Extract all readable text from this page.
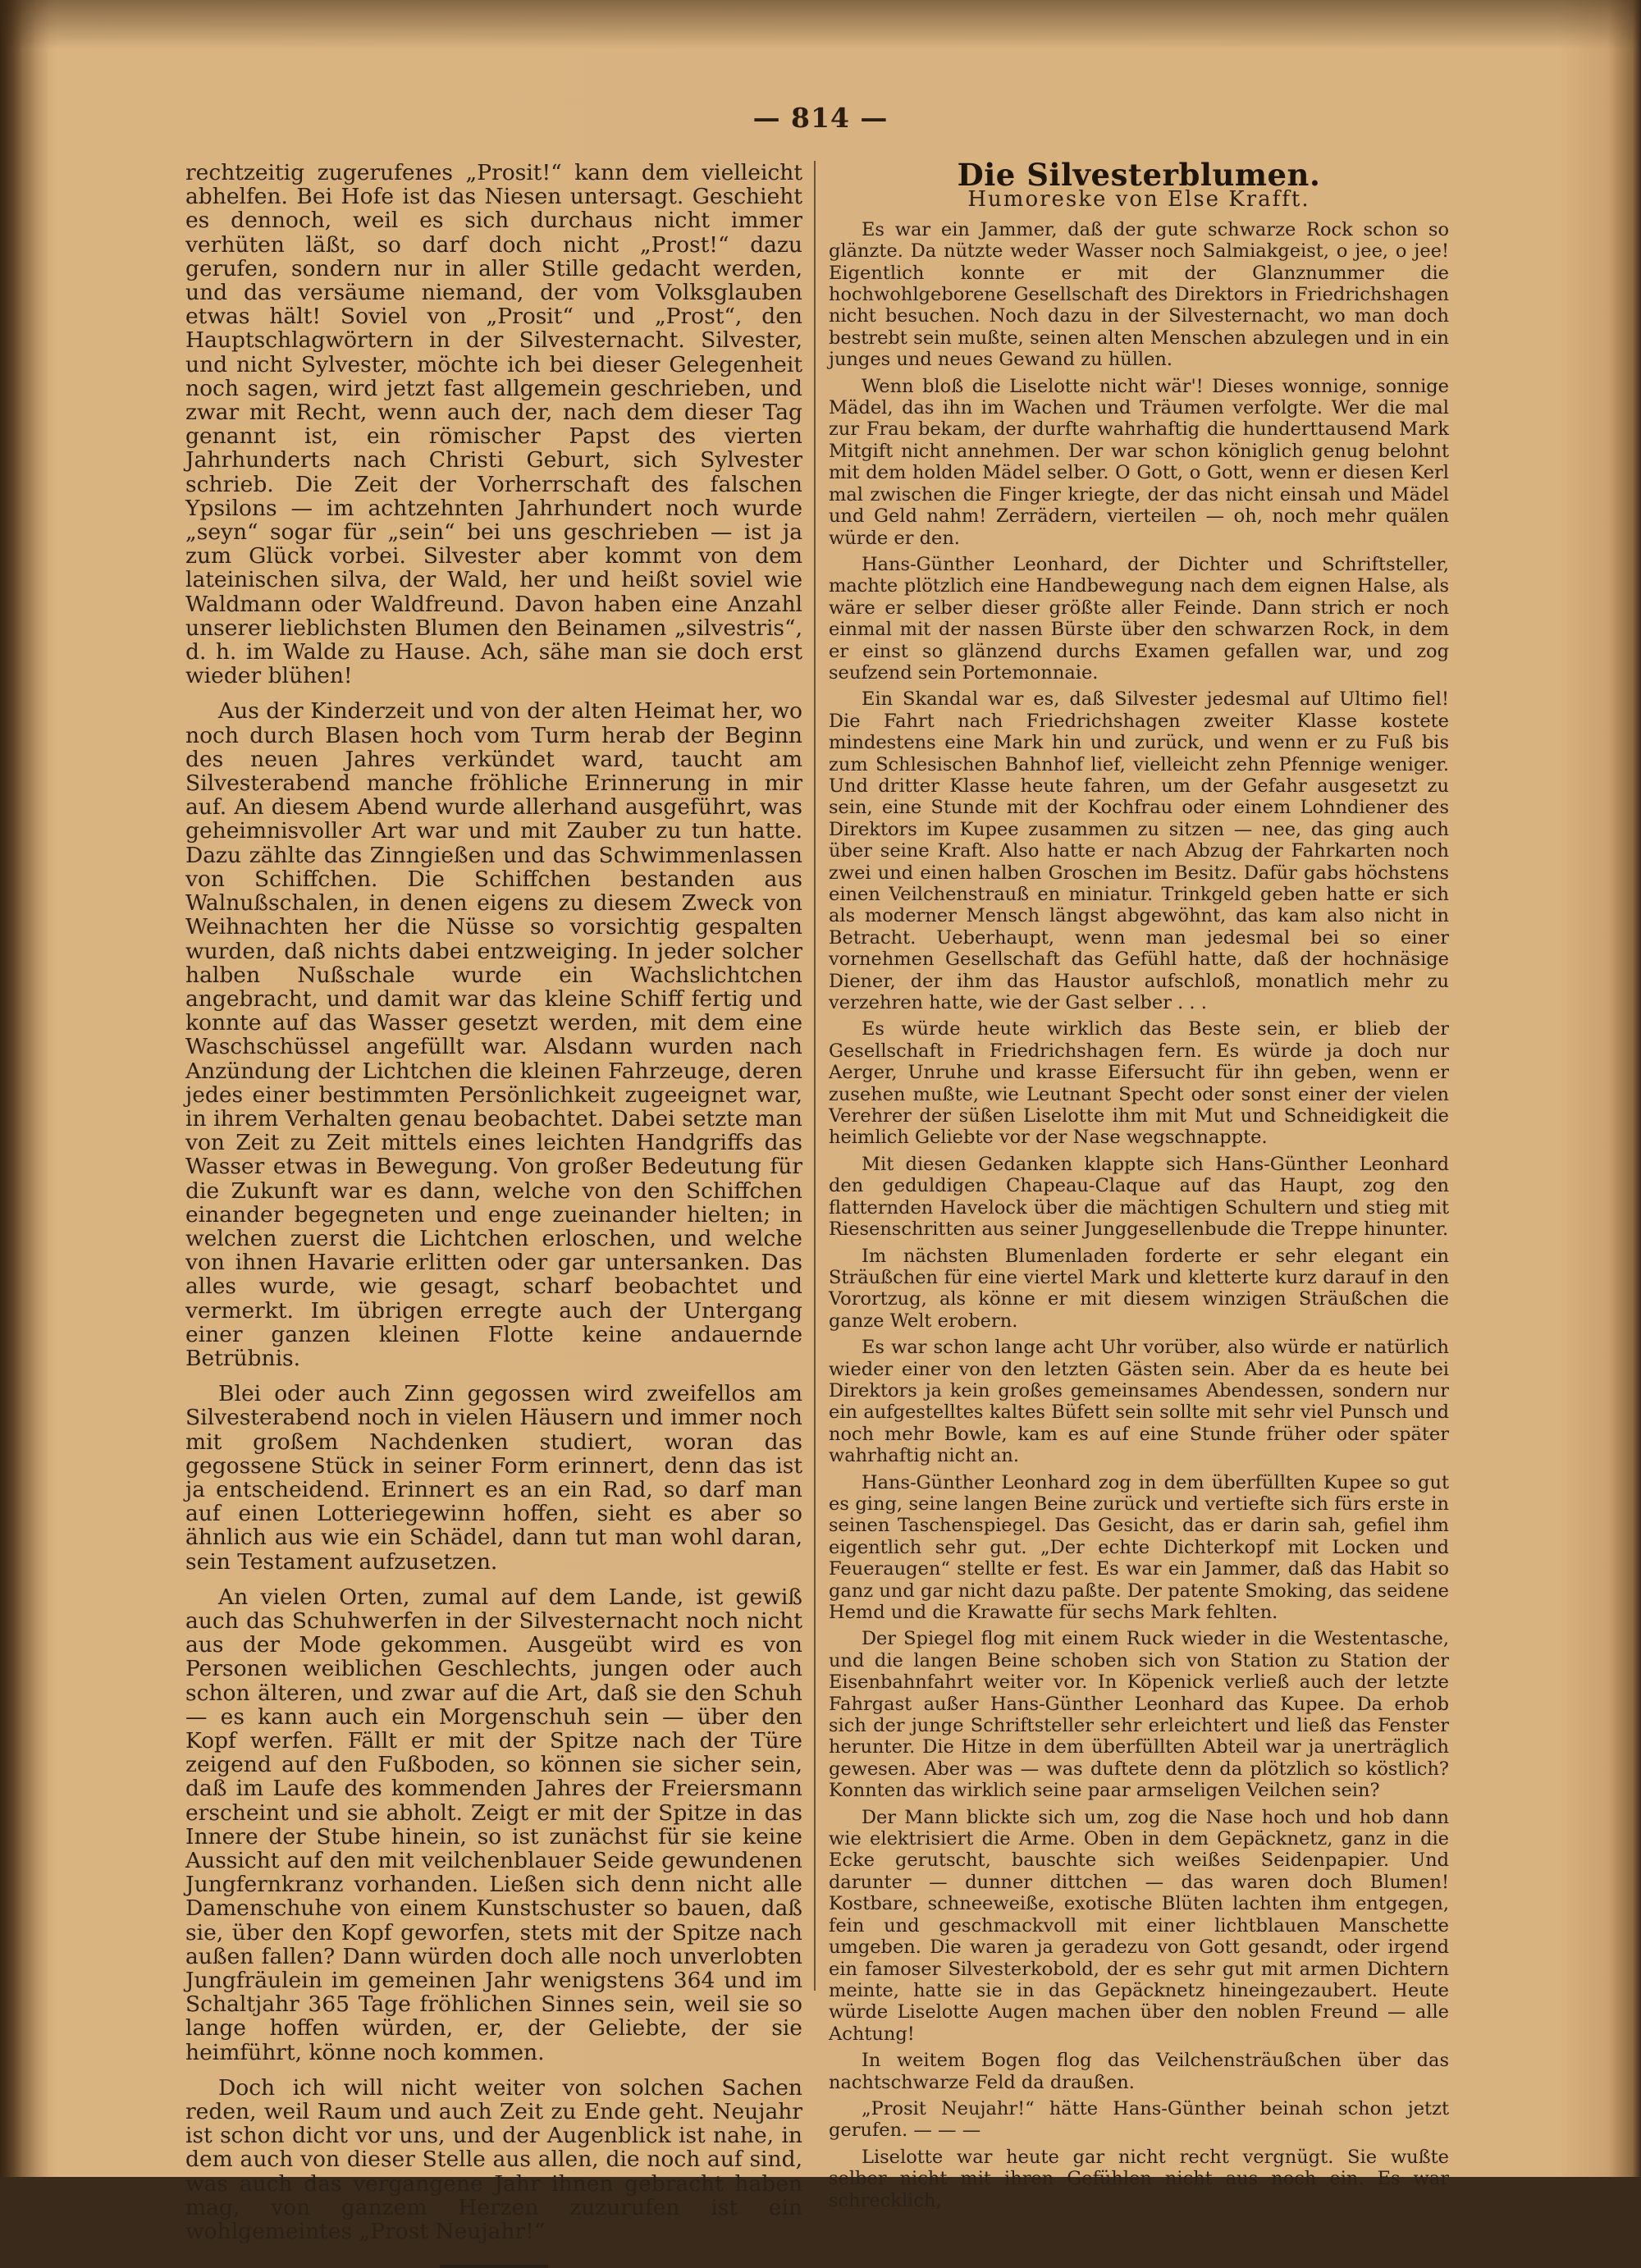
— 814 —

rechtzeitig zugerufenes „Prosit!“ kann dem vielleicht abhelfen. Bei Hofe ist das Niesen untersagt. Geschieht es dennoch, weil es sich durchaus nicht immer verhüten läßt, so darf doch nicht „Prost!“ dazu gerufen, sondern nur in aller Stille gedacht werden, und das versäume niemand, der vom Volksglauben etwas hält! Soviel von „Prosit“ und „Prost“, den Hauptschlagwörtern in der Silvesternacht. Silvester, und nicht Sylvester, möchte ich bei dieser Gelegenheit noch sagen, wird jetzt fast allgemein geschrieben, und zwar mit Recht, wenn auch der, nach dem dieser Tag genannt ist, ein römischer Papst des vierten Jahrhunderts nach Christi Geburt, sich Sylvester schrieb. Die Zeit der Vorherrschaft des falschen Ypsilons — im achtzehnten Jahrhundert noch wurde „seyn“ sogar für „sein“ bei uns geschrieben — ist ja zum Glück vorbei. Silvester aber kommt von dem lateinischen silva, der Wald, her und heißt soviel wie Waldmann oder Waldfreund. Davon haben eine Anzahl unserer lieblichsten Blumen den Beinamen „silvestris“, d. h. im Walde zu Hause. Ach, sähe man sie doch erst wieder blühen!

Aus der Kinderzeit und von der alten Heimat her, wo noch durch Blasen hoch vom Turm herab der Beginn des neuen Jahres verkündet ward, taucht am Silvesterabend manche fröhliche Erinnerung in mir auf. An diesem Abend wurde allerhand ausgeführt, was geheimnisvoller Art war und mit Zauber zu tun hatte. Dazu zählte das Zinngießen und das Schwimmenlassen von Schiffchen. Die Schiffchen bestanden aus Walnußschalen, in denen eigens zu diesem Zweck von Weihnachten her die Nüsse so vorsichtig gespalten wurden, daß nichts dabei entzweiging. In jeder solcher halben Nußschale wurde ein Wachslichtchen angebracht, und damit war das kleine Schiff fertig und konnte auf das Wasser gesetzt werden, mit dem eine Waschschüssel angefüllt war. Alsdann wurden nach Anzündung der Lichtchen die kleinen Fahrzeuge, deren jedes einer bestimmten Persönlichkeit zugeeignet war, in ihrem Verhalten genau beobachtet. Dabei setzte man von Zeit zu Zeit mittels eines leichten Handgriffs das Wasser etwas in Bewegung. Von großer Bedeutung für die Zukunft war es dann, welche von den Schiffchen einander begegneten und enge zueinander hielten; in welchen zuerst die Lichtchen erloschen, und welche von ihnen Havarie erlitten oder gar untersanken. Das alles wurde, wie gesagt, scharf beobachtet und vermerkt. Im übrigen erregte auch der Untergang einer ganzen kleinen Flotte keine andauernde Betrübnis.

Blei oder auch Zinn gegossen wird zweifellos am Silvesterabend noch in vielen Häusern und immer noch mit großem Nachdenken studiert, woran das gegossene Stück in seiner Form erinnert, denn das ist ja entscheidend. Erinnert es an ein Rad, so darf man auf einen Lotteriegewinn hoffen, sieht es aber so ähnlich aus wie ein Schädel, dann tut man wohl daran, sein Testament aufzusetzen.

An vielen Orten, zumal auf dem Lande, ist gewiß auch das Schuhwerfen in der Silvesternacht noch nicht aus der Mode gekommen. Ausgeübt wird es von Personen weiblichen Geschlechts, jungen oder auch schon älteren, und zwar auf die Art, daß sie den Schuh — es kann auch ein Morgenschuh sein — über den Kopf werfen. Fällt er mit der Spitze nach der Türe zeigend auf den Fußboden, so können sie sicher sein, daß im Laufe des kommenden Jahres der Freiersmann erscheint und sie abholt. Zeigt er mit der Spitze in das Innere der Stube hinein, so ist zunächst für sie keine Aussicht auf den mit veilchenblauer Seide gewundenen Jungfernkranz vorhanden. Ließen sich denn nicht alle Damenschuhe von einem Kunstschuster so bauen, daß sie, über den Kopf geworfen, stets mit der Spitze nach außen fallen? Dann würden doch alle noch unverlobten Jungfräulein im gemeinen Jahr wenigstens 364 und im Schaltjahr 365 Tage fröhlichen Sinnes sein, weil sie so lange hoffen würden, er, der Geliebte, der sie heimführt, könne noch kommen.

Doch ich will nicht weiter von solchen Sachen reden, weil Raum und auch Zeit zu Ende geht. Neujahr ist schon dicht vor uns, und der Augenblick ist nahe, in dem auch von dieser Stelle aus allen, die noch auf sind, was auch das vergangene Jahr ihnen gebracht haben mag, von ganzem Herzen zuzurufen ist ein wohlgemeintes „Prost Neujahr!“

Die Silvesterblumen.
Humoreske von Else Krafft.

Es war ein Jammer, daß der gute schwarze Rock schon so glänzte. Da nützte weder Wasser noch Salmiakgeist, o jee, o jee! Eigentlich konnte er mit der Glanznummer die hochwohlgeborene Gesellschaft des Direktors in Friedrichshagen nicht besuchen. Noch dazu in der Silvesternacht, wo man doch bestrebt sein mußte, seinen alten Menschen abzulegen und in ein junges und neues Gewand zu hüllen.

Wenn bloß die Liselotte nicht wär'! Dieses wonnige, sonnige Mädel, das ihn im Wachen und Träumen verfolgte. Wer die mal zur Frau bekam, der durfte wahrhaftig die hunderttausend Mark Mitgift nicht annehmen. Der war schon königlich genug belohnt mit dem holden Mädel selber. O Gott, o Gott, wenn er diesen Kerl mal zwischen die Finger kriegte, der das nicht einsah und Mädel und Geld nahm! Zerrädern, vierteilen — oh, noch mehr quälen würde er den.

Hans-Günther Leonhard, der Dichter und Schriftsteller, machte plötzlich eine Handbewegung nach dem eignen Halse, als wäre er selber dieser größte aller Feinde. Dann strich er noch einmal mit der nassen Bürste über den schwarzen Rock, in dem er einst so glänzend durchs Examen gefallen war, und zog seufzend sein Portemonnaie.

Ein Skandal war es, daß Silvester jedesmal auf Ultimo fiel! Die Fahrt nach Friedrichshagen zweiter Klasse kostete mindestens eine Mark hin und zurück, und wenn er zu Fuß bis zum Schlesischen Bahnhof lief, vielleicht zehn Pfennige weniger. Und dritter Klasse heute fahren, um der Gefahr ausgesetzt zu sein, eine Stunde mit der Kochfrau oder einem Lohndiener des Direktors im Kupee zusammen zu sitzen — nee, das ging auch über seine Kraft. Also hatte er nach Abzug der Fahrkarten noch zwei und einen halben Groschen im Besitz. Dafür gabs höchstens einen Veilchenstrauß en miniatur. Trinkgeld geben hatte er sich als moderner Mensch längst abgewöhnt, das kam also nicht in Betracht. Ueberhaupt, wenn man jedesmal bei so einer vornehmen Gesellschaft das Gefühl hatte, daß der hochnäsige Diener, der ihm das Haustor aufschloß, monatlich mehr zu verzehren hatte, wie der Gast selber . . .

Es würde heute wirklich das Beste sein, er blieb der Gesellschaft in Friedrichshagen fern. Es würde ja doch nur Aerger, Unruhe und krasse Eifersucht für ihn geben, wenn er zusehen mußte, wie Leutnant Specht oder sonst einer der vielen Verehrer der süßen Liselotte ihm mit Mut und Schneidigkeit die heimlich Geliebte vor der Nase wegschnappte.

Mit diesen Gedanken klappte sich Hans-Günther Leonhard den geduldigen Chapeau-Claque auf das Haupt, zog den flatternden Havelock über die mächtigen Schultern und stieg mit Riesenschritten aus seiner Junggesellenbude die Treppe hinunter.

Im nächsten Blumenladen forderte er sehr elegant ein Sträußchen für eine viertel Mark und kletterte kurz darauf in den Vorortzug, als könne er mit diesem winzigen Sträußchen die ganze Welt erobern.

Es war schon lange acht Uhr vorüber, also würde er natürlich wieder einer von den letzten Gästen sein. Aber da es heute bei Direktors ja kein großes gemeinsames Abendessen, sondern nur ein aufgestelltes kaltes Büfett sein sollte mit sehr viel Punsch und noch mehr Bowle, kam es auf eine Stunde früher oder später wahrhaftig nicht an.

Hans-Günther Leonhard zog in dem überfüllten Kupee so gut es ging, seine langen Beine zurück und vertiefte sich fürs erste in seinen Taschenspiegel. Das Gesicht, das er darin sah, gefiel ihm eigentlich sehr gut. „Der echte Dichterkopf mit Locken und Feueraugen“ stellte er fest. Es war ein Jammer, daß das Habit so ganz und gar nicht dazu paßte. Der patente Smoking, das seidene Hemd und die Krawatte für sechs Mark fehlten.

Der Spiegel flog mit einem Ruck wieder in die Westentasche, und die langen Beine schoben sich von Station zu Station der Eisenbahnfahrt weiter vor. In Köpenick verließ auch der letzte Fahrgast außer Hans-Günther Leonhard das Kupee. Da erhob sich der junge Schriftsteller sehr erleichtert und ließ das Fenster herunter. Die Hitze in dem überfüllten Abteil war ja unerträglich gewesen. Aber was — was duftete denn da plötzlich so köstlich? Konnten das wirklich seine paar armseligen Veilchen sein?

Der Mann blickte sich um, zog die Nase hoch und hob dann wie elektrisiert die Arme. Oben in dem Gepäcknetz, ganz in die Ecke gerutscht, bauschte sich weißes Seidenpapier. Und darunter — dunner dittchen — das waren doch Blumen! Kostbare, schneeweiße, exotische Blüten lachten ihm entgegen, fein und geschmackvoll mit einer lichtblauen Manschette umgeben. Die waren ja geradezu von Gott gesandt, oder irgend ein famoser Silvesterkobold, der es sehr gut mit armen Dichtern meinte, hatte sie in das Gepäcknetz hineingezaubert. Heute würde Liselotte Augen machen über den noblen Freund — alle Achtung!

In weitem Bogen flog das Veilchensträußchen über das nachtschwarze Feld da draußen.

„Prosit Neujahr!“ hätte Hans-Günther beinah schon jetzt gerufen. — — —

Liselotte war heute gar nicht recht vergnügt. Sie wußte selber nicht mit ihren Gefühlen nicht aus noch ein. Es war schrecklich,
